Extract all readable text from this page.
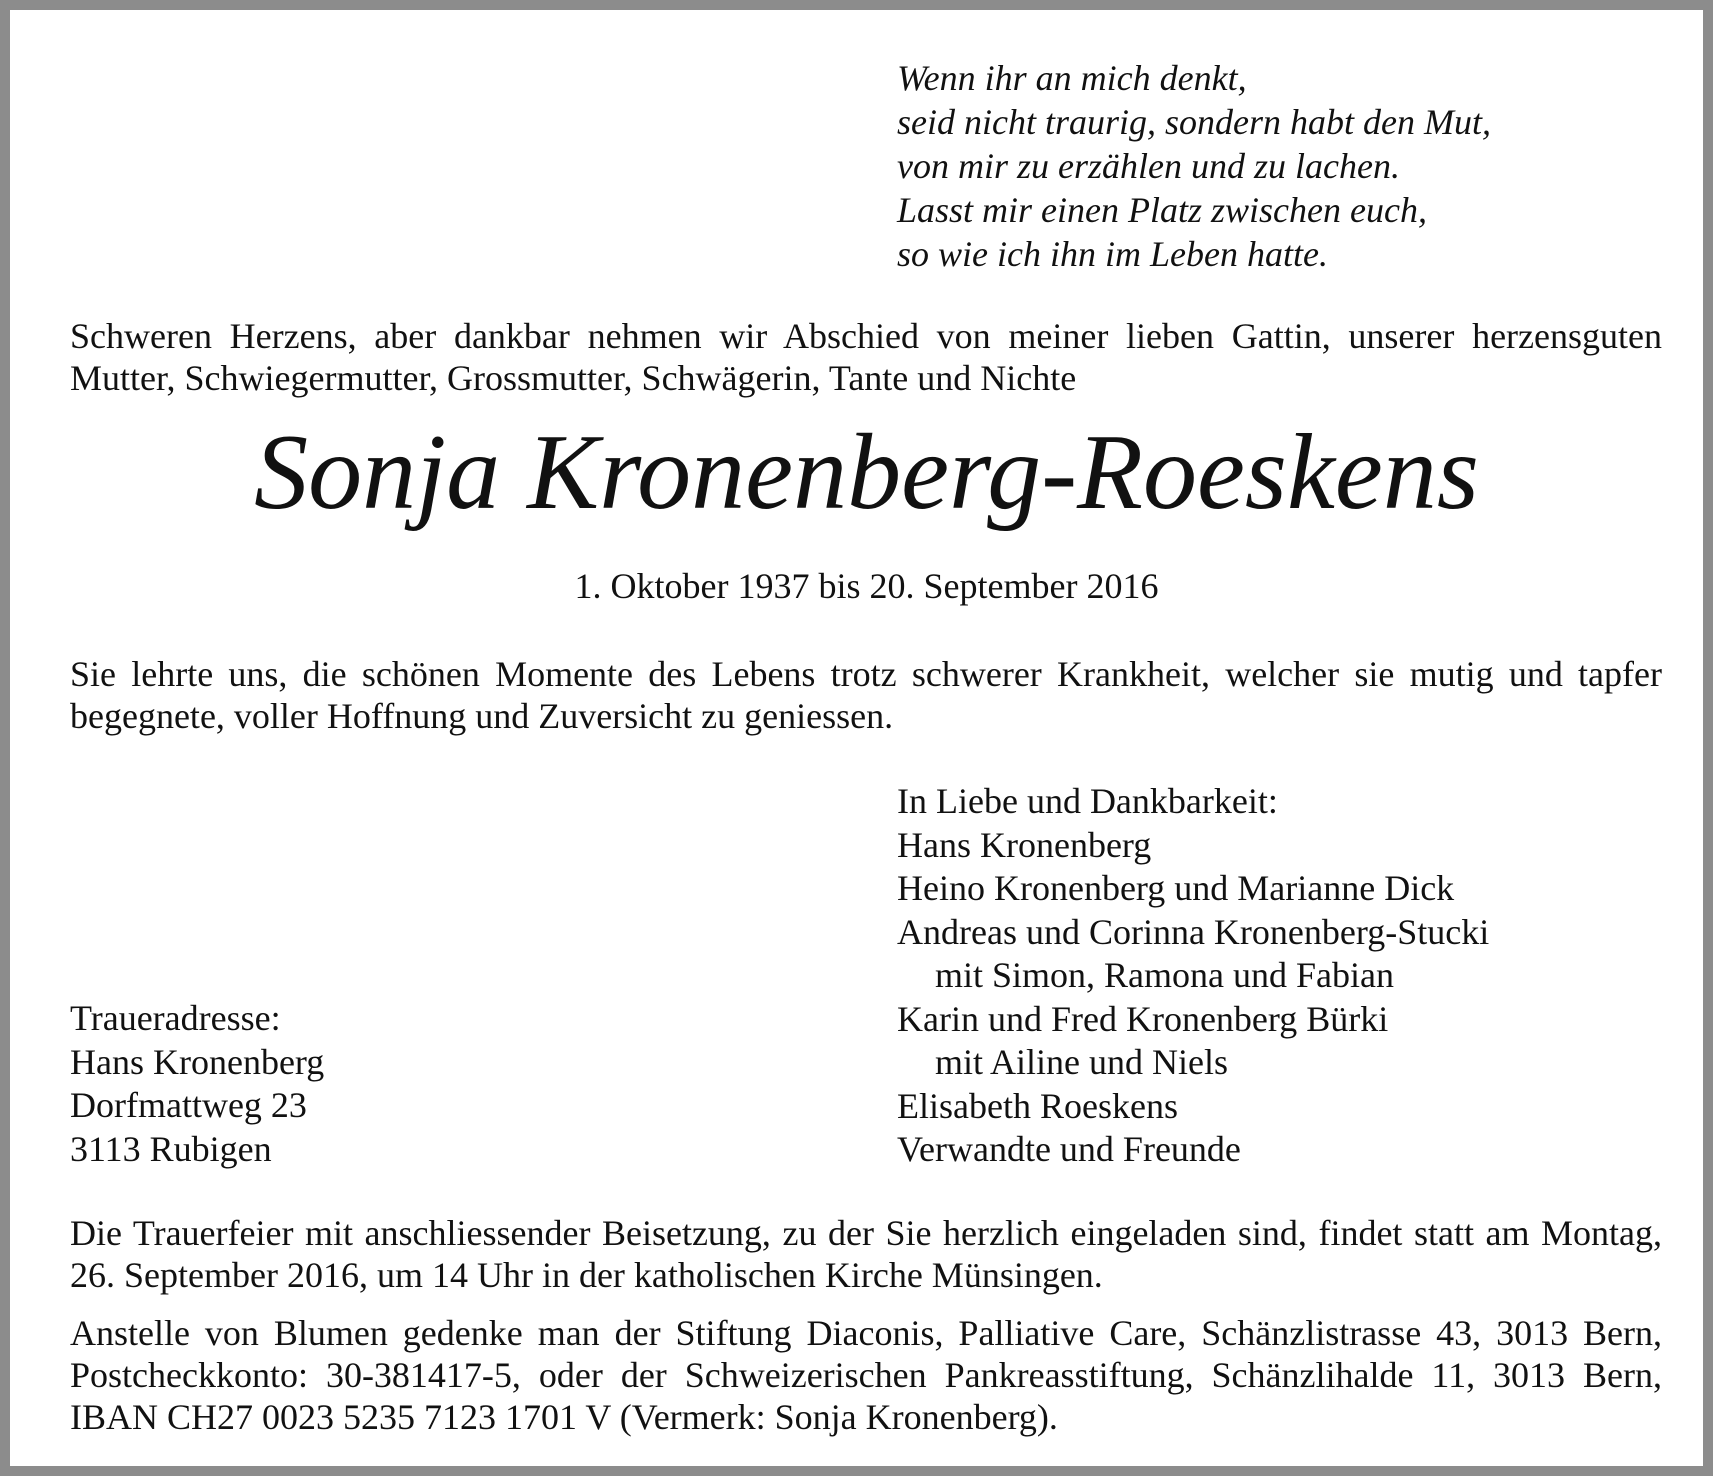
Wenn ihr an mich denkt,
seid nicht traurig, sondern habt den Mut,
von mir zu erzählen und zu lachen.
Lasst mir einen Platz zwischen euch,
so wie ich ihn im Leben hatte.
Schweren Herzens, aber dankbar nehmen wir Abschied von meiner lieben Gattin, unserer herzensguten Mutter, Schwiegermutter, Grossmutter, Schwägerin, Tante und Nichte
Sonja Kronenberg-Roeskens
1. Oktober 1937 bis 20. September 2016
Sie lehrte uns, die schönen Momente des Lebens trotz schwerer Krankheit, welcher sie mutig und tapfer begegnete, voller Hoffnung und Zuversicht zu geniessen.
In Liebe und Dankbarkeit:
Hans Kronenberg
Heino Kronenberg und Marianne Dick
Andreas und Corinna Kronenberg-Stucki
mit Simon, Ramona und Fabian
Karin und Fred Kronenberg Bürki
mit Ailine und Niels
Elisabeth Roeskens
Verwandte und Freunde
Traueradresse:
Hans Kronenberg
Dorfmattweg 23
3113 Rubigen
Die Trauerfeier mit anschliessender Beisetzung, zu der Sie herzlich eingeladen sind, findet statt am Montag, 26. September 2016, um 14 Uhr in der katholischen Kirche Münsingen.
Anstelle von Blumen gedenke man der Stiftung Diaconis, Palliative Care, Schänzlistrasse 43, 3013 Bern, Postcheckkonto: 30-381417-5, oder der Schweizerischen Pankreasstiftung, Schänzlihalde 11, 3013 Bern, IBAN CH27 0023 5235 7123 1701 V (Vermerk: Sonja Kronenberg).
